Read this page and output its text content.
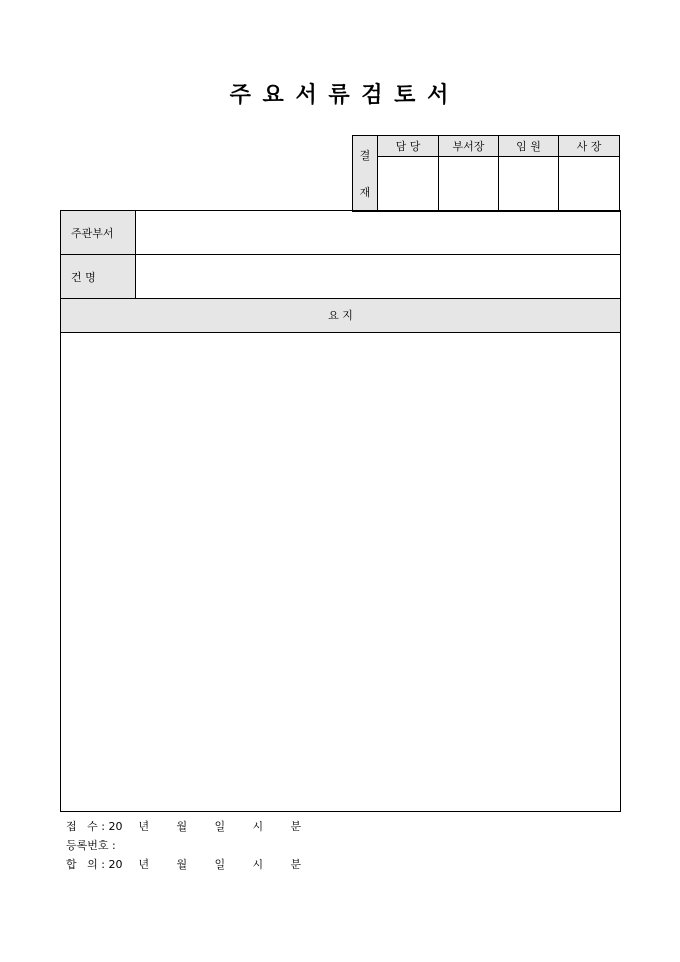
주 요 서 류 검 토 서
결
재	담 당	부서장	임 원	사 장

주관부서
건 명
요 지
접   수 : 20	년	월	일	시	분
등록번호 :
합   의 : 20	년	월	일	시	분
